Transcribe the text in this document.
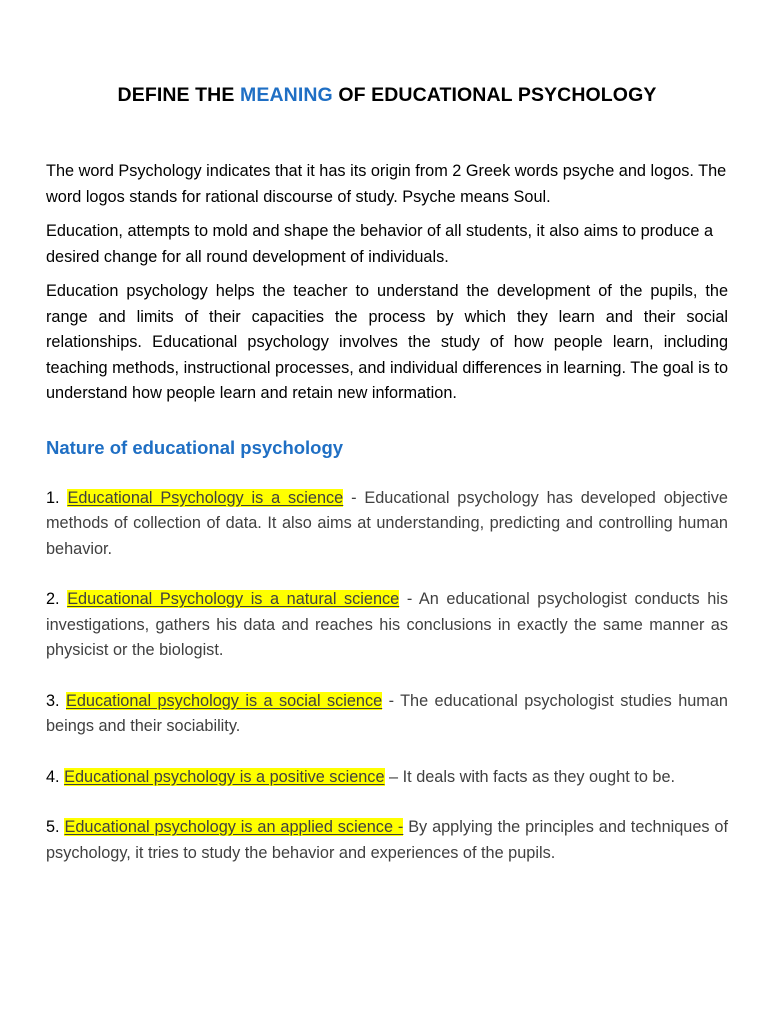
DEFINE THE MEANING OF EDUCATIONAL PSYCHOLOGY

The word Psychology indicates that it has its origin from 2 Greek words psyche and logos. The word logos stands for rational discourse of study. Psyche means Soul.

Education, attempts to mold and shape the behavior of all students, it also aims to produce a desired change for all round development of individuals.

Education psychology helps the teacher to understand the development of the pupils, the range and limits of their capacities the process by which they learn and their social relationships. Educational psychology involves the study of how people learn, including teaching methods, instructional processes, and individual differences in learning. The goal is to understand how people learn and retain new information.

Nature of educational psychology

1. Educational Psychology is a science - Educational psychology has developed objective methods of collection of data. It also aims at understanding, predicting and controlling human behavior.

2. Educational Psychology is a natural science - An educational psychologist conducts his investigations, gathers his data and reaches his conclusions in exactly the same manner as physicist or the biologist.

3. Educational psychology is a social science - The educational psychologist studies human beings and their sociability.

4. Educational psychology is a positive science – It deals with facts as they ought to be.

5. Educational psychology is an applied science - By applying the principles and techniques of psychology, it tries to study the behavior and experiences of the pupils.
